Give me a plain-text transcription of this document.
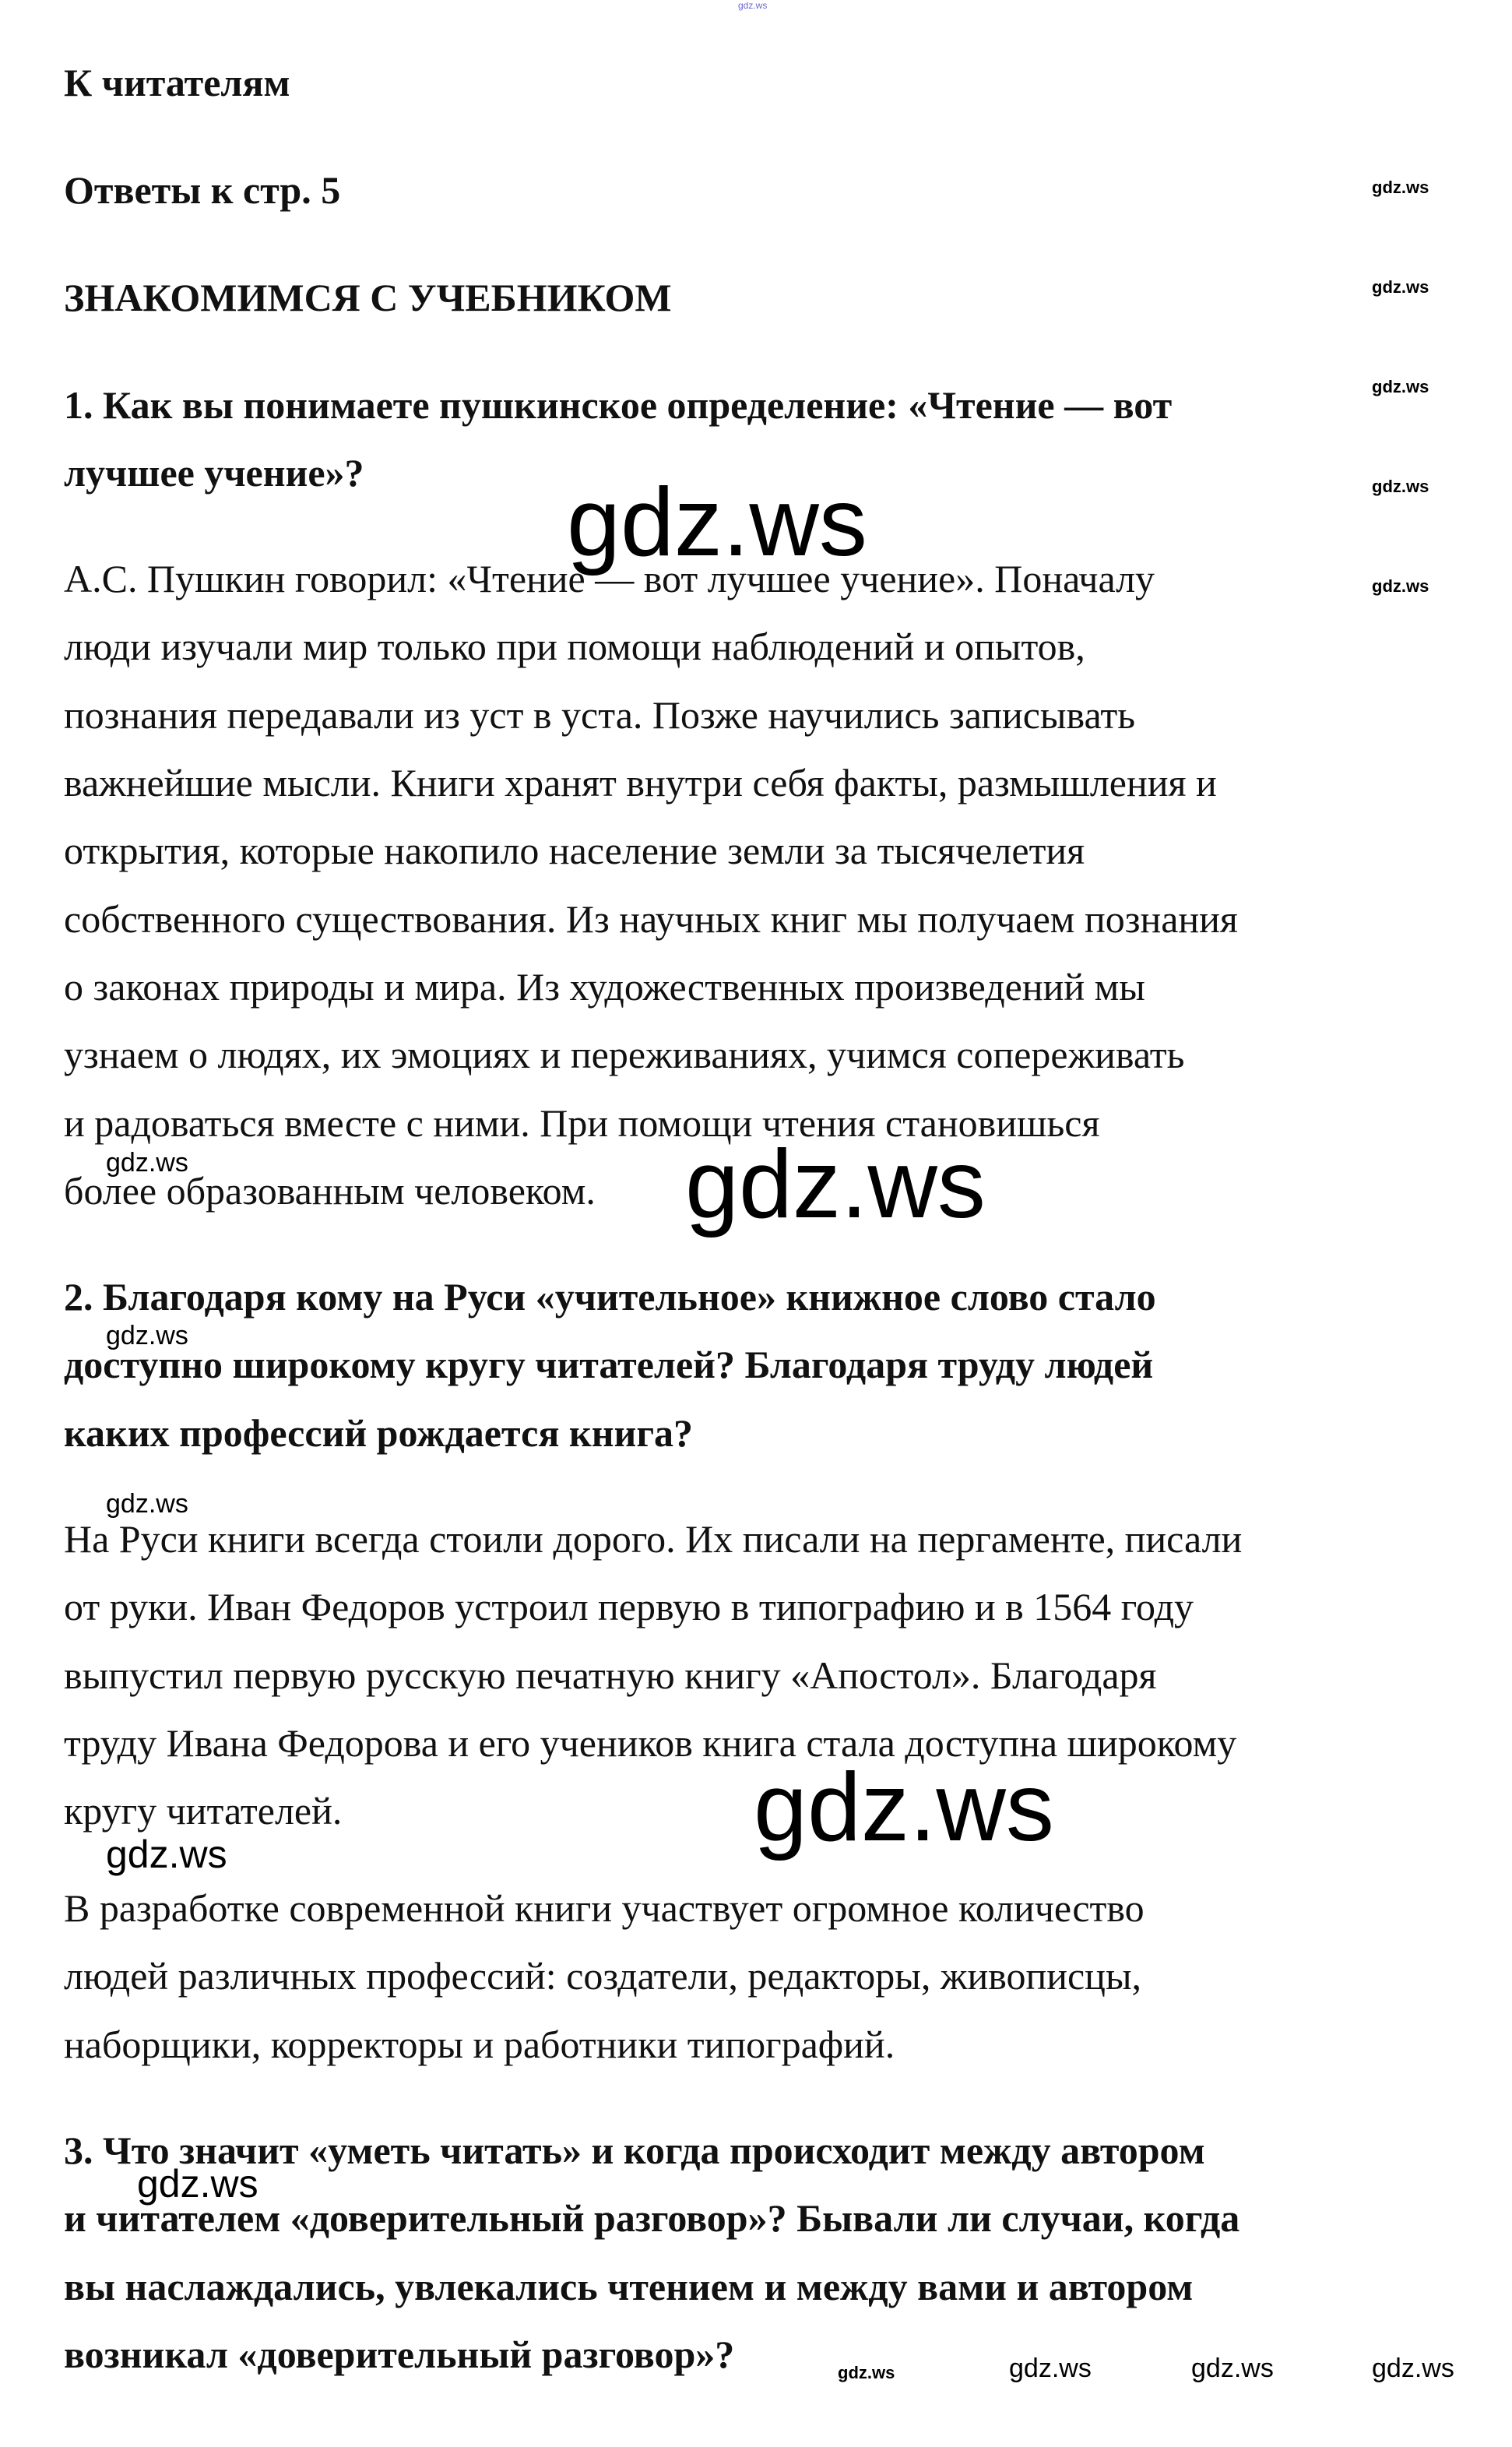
К читателям
Ответы к стр. 5
ЗНАКОМИМСЯ С УЧЕБНИКОМ
1. Как вы понимаете пушкинское определение: «Чтение — вот
лучшее учение»?
А.С. Пушкин говорил: «Чтение — вот лучшее учение». Поначалу
люди изучали мир только при помощи наблюдений и опытов,
познания передавали из уст в уста. Позже научились записывать
важнейшие мысли. Книги хранят внутри себя факты, размышления и
открытия, которые накопило население земли за тысячелетия
собственного существования. Из научных книг мы получаем познания
о законах природы и мира. Из художественных произведений мы
узнаем о людях, их эмоциях и переживаниях, учимся сопереживать
и радоваться вместе с ними. При помощи чтения становишься
более образованным человеком.
2. Благодаря кому на Руси «учительное» книжное слово стало
доступно широкому кругу читателей? Благодаря труду людей
каких профессий рождается книга?
На Руси книги всегда стоили дорого. Их писали на пергаменте, писали
от руки. Иван Федоров устроил первую в типографию и в 1564 году
выпустил первую русскую печатную книгу «Апостол». Благодаря
труду Ивана Федорова и его учеников книга стала доступна широкому
кругу читателей.
В разработке современной книги участвует огромное количество
людей различных профессий: создатели, редакторы, живописцы,
наборщики, корректоры и работники типографий.
3. Что значит «уметь читать» и когда происходит между автором
и читателем «доверительный разговор»? Бывали ли случаи, когда
вы наслаждались, увлекались чтением и между вами и автором
возникал «доверительный разговор»?
gdz.ws
gdz.ws
gdz.ws
gdz.ws
gdz.ws
gdz.ws
gdz.ws
gdz.ws	gdz.ws
gdz.ws
gdz.ws
gdz.ws
gdz.ws
gdz.ws
gdz.ws	gdz.ws	gdz.ws	gdz.ws
